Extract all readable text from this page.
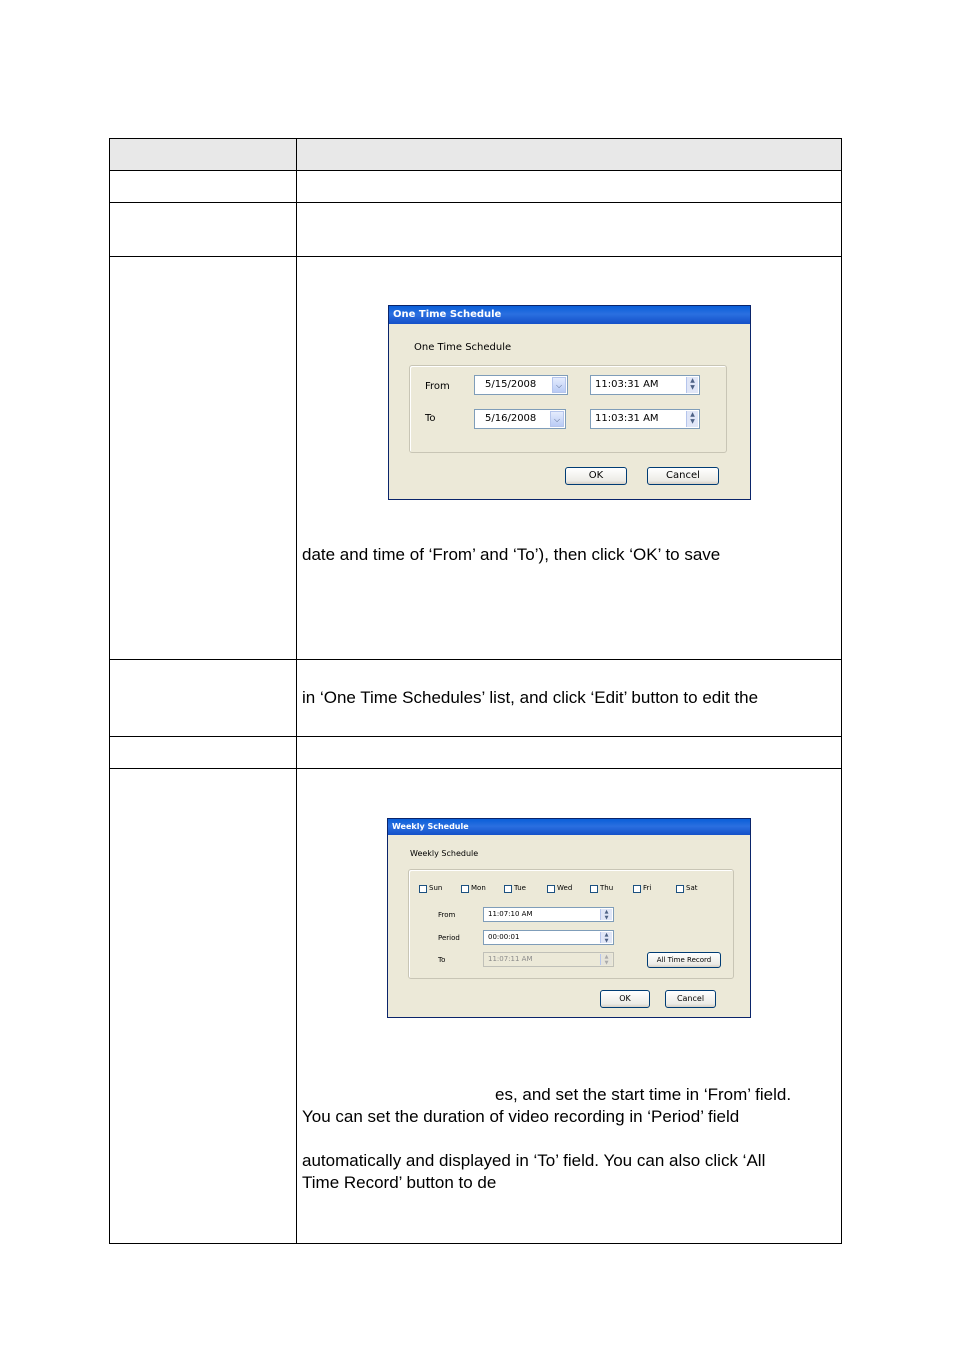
date and time of ‘From’ and ‘To’), then click ‘OK’ to save
in ‘One Time Schedules’ list, and click ‘Edit’ button to edit the
es, and set the start time in ‘From’ field.
You can set the duration of video recording in ‘Period’ field
automatically and displayed in ‘To’ field. You can also click ‘All
Time Record’ button to de
One Time Schedule
One Time Schedule
From	5/15/2008	⌵	11:03:31 AM	▲
▼
To	5/16/2008	⌵	11:03:31 AM	▲
▼
OK	Cancel
Weekly Schedule
Weekly Schedule
Sun	Mon	Tue	Wed	Thu	Fri	Sat
From	11:07:10 AM	▲
▼
Period	00:00:01	▲
▼
To	11:07:11 AM	▲
▼	All Time Record
OK	Cancel
